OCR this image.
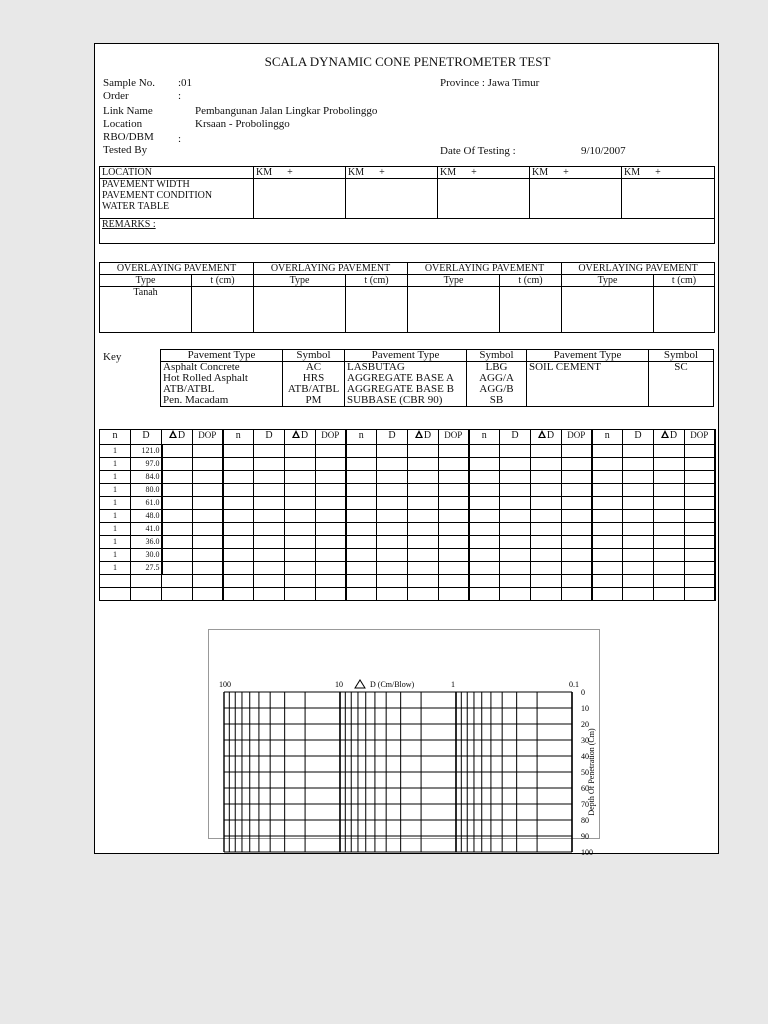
SCALA DYNAMIC CONE PENETROMETER TEST
Sample No. :01
Order	:
Link Name	Pembangunan Jalan Lingkar Probolinggo
Location	Krsaan - Probolinggo
RBO/DBM :
Tested By
Province : Jawa Timur
Date Of Testing :	9/10/2007
LOCATION	KM +	KM +	KM +	KM +	KM +

PAVEMENT WIDTH
PAVEMENT CONDITION
WATER TABLE					

REMARKS :					
OVERLAYING PAVEMENT		OVERLAYING PAVEMENT		OVERLAYING PAVEMENT		OVERLAYING PAVEMENT	
Type	t (cm)	Type	t (cm)	Type	t (cm)	Type	t (cm)
Tanah							
Key	Pavement Type	Symbol	Pavement Type	Symbol	Pavement Type	Symbol
Asphalt Concrete	AC	LASBUTAG	LBG	SOIL CEMENT	SC
Hot Rolled Asphalt	HRS	AGGREGATE BASE A	AGG/A		
ATB/ATBL	ATB/ATBL	AGGREGATE BASE B	AGG/B		
Pen. Macadam	PM	SUBBASE (CBR 90)	SB		
n	D	D	DOP	n	D	D	DOP	n	D	D	DOP	n	D	D	DOP	n	D	D	DOP
1	121.0																		
1	97.0																		
1	84.0																		
1	80.0																		
1	61.0																		
1	48.0																		
1	41.0																		
1	36.0																		
1	30.0																		
1	27.5																		

D (Cm/Blow)
100	10	1	0.1
0
10
20
30
40
50
60
70
80
90
100
Depth Of Penetration (Cm)
